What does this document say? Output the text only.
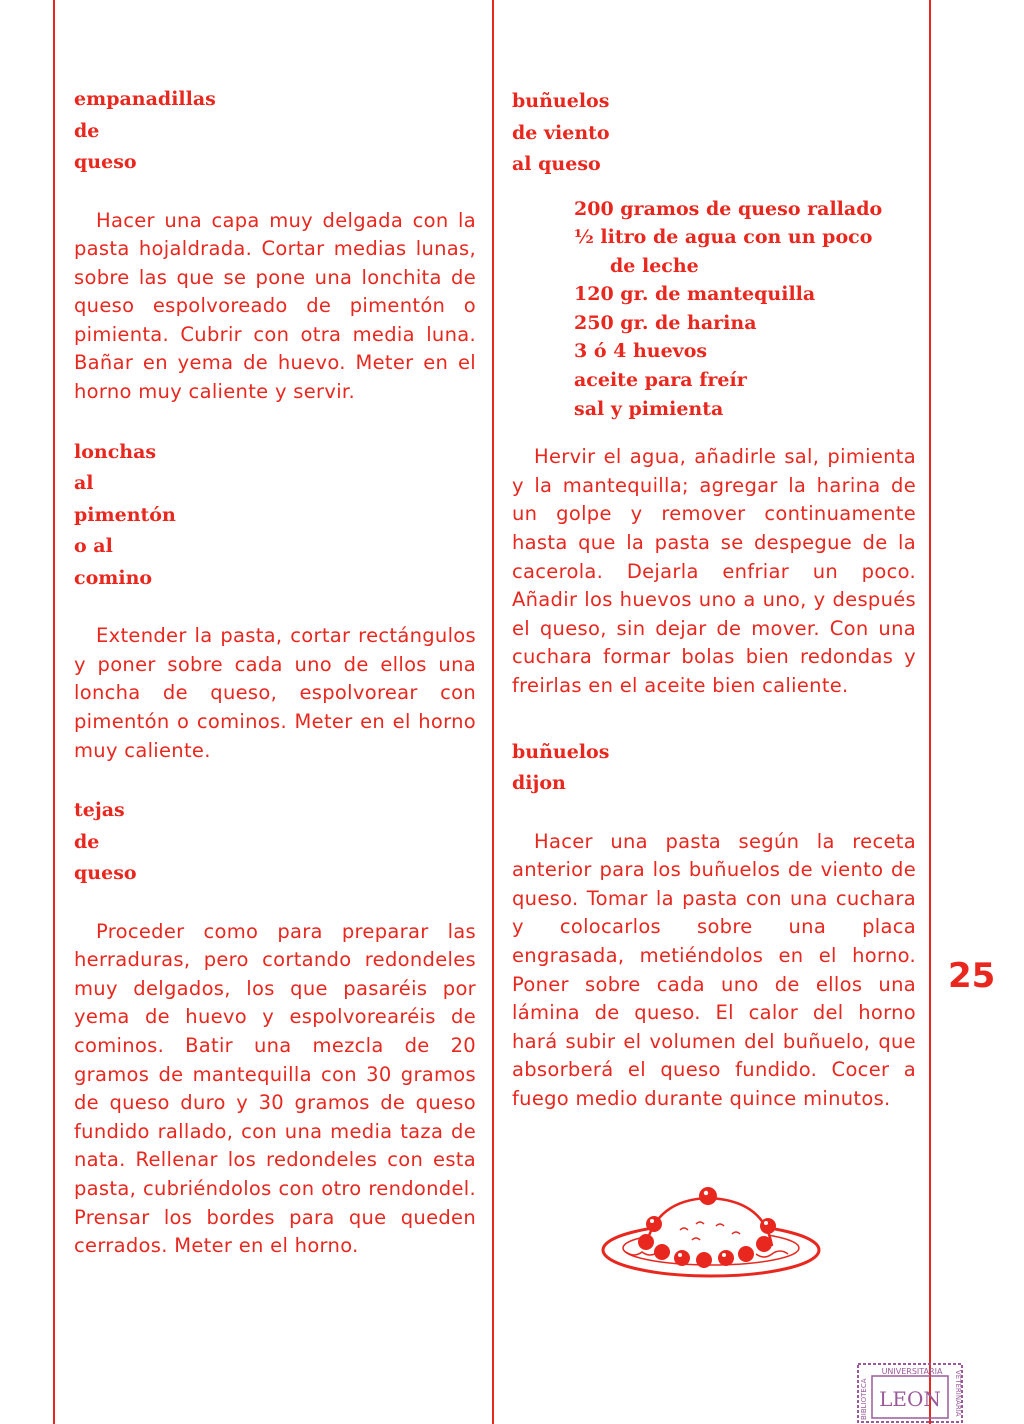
empanadillas
de
queso

Hacer una capa muy delgada con la pasta hojaldrada. Cortar medias lunas, sobre las que se pone una lonchita de queso espolvoreado de pimentón o pimienta. Cubrir con otra media luna. Bañar en yema de huevo. Meter en el horno muy caliente y servir.

lonchas
al
pimentón
o al
comino

Extender la pasta, cortar rectángulos y poner sobre cada uno de ellos una loncha de queso, espolvorear con pimentón o cominos. Meter en el horno muy caliente.

tejas
de
queso

Proceder como para preparar las herraduras, pero cortando redondeles muy delgados, los que pasaréis por yema de huevo y espolvorearéis de cominos. Batir una mezcla de 20 gramos de mantequilla con 30 gramos de queso duro y 30 gramos de queso fundido rallado, con una media taza de nata. Rellenar los redondeles con esta pasta, cubriéndolos con otro rendondel. Prensar los bordes para que queden cerrados. Meter en el horno.

buñuelos
de viento
al queso
200 gramos de queso rallado
½ litro de agua con un poco
de leche
120 gr. de mantequilla
250 gr. de harina
3 ó 4 huevos
aceite para freír
sal y pimienta

Hervir el agua, añadirle sal, pimienta y la mantequilla; agregar la harina de un golpe y remover continuamente hasta que la pasta se despegue de la cacerola. Dejarla enfriar un poco. Añadir los huevos uno a uno, y después el queso, sin dejar de mover. Con una cuchara formar bolas bien redondas y freirlas en el aceite bien caliente.

buñuelos
dijon

Hacer una pasta según la receta anterior para los buñuelos de viento de queso. Tomar la pasta con una cuchara y colocarlos sobre una placa engrasada, metiéndolos en el horno. Poner sobre cada uno de ellos una lámina de queso. El calor del horno hará subir el volumen del buñuelo, que absorberá el queso fundido. Cocer a fuego medio durante quince minutos.

25
UNIVERSITARIA
BIBLIOTECA	VETERINARIA
LEON
